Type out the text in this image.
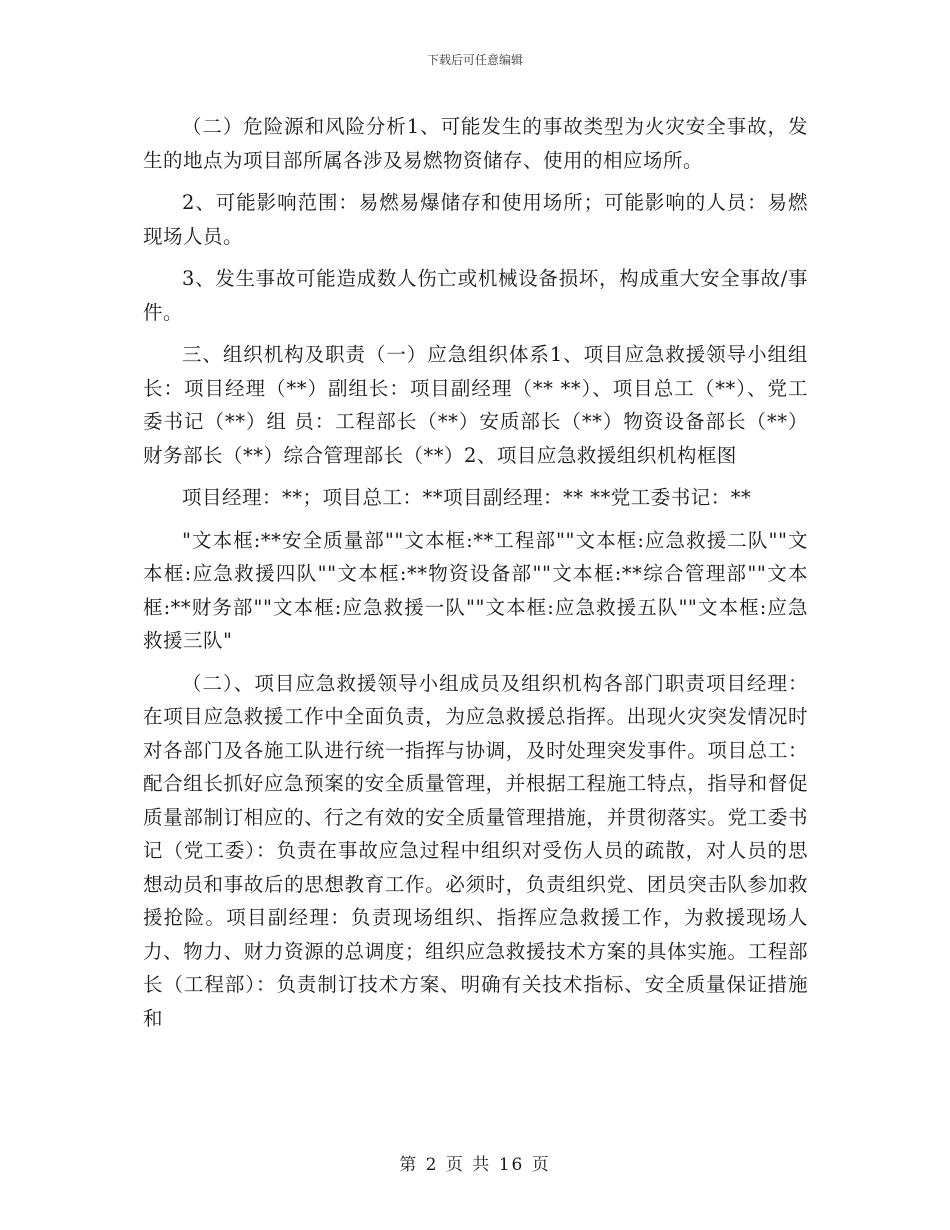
下载后可任意编辑

（二）危险源和风险分析1、可能发生的事故类型为火灾安全事故，发生的地点为项目部所属各涉及易燃物资储存、使用的相应场所。

2、可能影响范围：易燃易爆储存和使用场所；可能影响的人员：易燃现场人员。

3、发生事故可能造成数人伤亡或机械设备损坏，构成重大安全事故/事件。

三、组织机构及职责（一）应急组织体系1、项目应急救援领导小组组 长：项目经理（**）副组长：项目副经理（** **）、项目总工（**）、党工委书记（**）组 员：工程部长（**）安质部长（**）物资设备部长（**）财务部长（**）综合管理部长（**）2、项目应急救援组织机构框图

项目经理：**；项目总工：**项目副经理：** **党工委书记：**

"文本框:**安全质量部""文本框:**工程部""文本框:应急救援二队""文本框:应急救援四队""文本框:**物资设备部""文本框:**综合管理部""文本框:**财务部""文本框:应急救援一队""文本框:应急救援五队""文本框:应急救援三队"

（二）、项目应急救援领导小组成员及组织机构各部门职责项目经理：在项目应急救援工作中全面负责，为应急救援总指挥。出现火灾突发情况时对各部门及各施工队进行统一指挥与协调，及时处理突发事件。项目总工：配合组长抓好应急预案的安全质量管理，并根据工程施工特点，指导和督促质量部制订相应的、行之有效的安全质量管理措施，并贯彻落实。党工委书记（党工委）：负责在事故应急过程中组织对受伤人员的疏散，对人员的思想动员和事故后的思想教育工作。必须时，负责组织党、团员突击队参加救援抢险。项目副经理：负责现场组织、指挥应急救援工作，为救援现场人力、物力、财力资源的总调度；组织应急救援技术方案的具体实施。工程部长（工程部）：负责制订技术方案、明确有关技术指标、安全质量保证措施和

第 2 页 共 16 页
